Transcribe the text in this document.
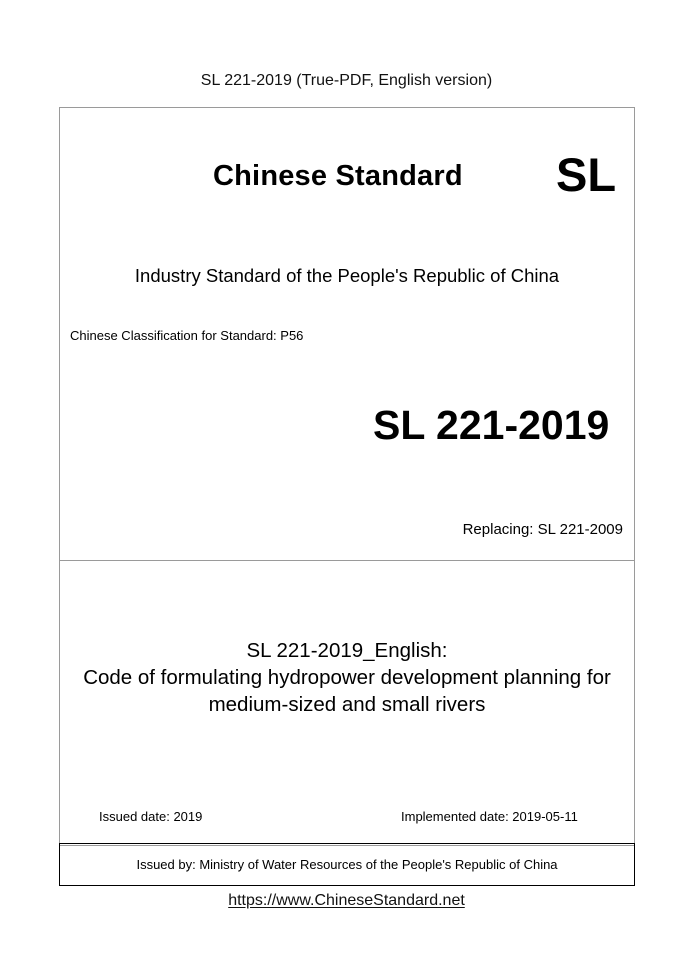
SL 221-2019 (True-PDF, English version)
Chinese Standard SL
Industry Standard of the People's Republic of China
Chinese Classification for Standard: P56
SL 221-2019
Replacing: SL 221-2009
SL 221-2019_English:
Code of formulating hydropower development planning for
medium-sized and small rivers
Issued date: 2019	Implemented date: 2019-05-11
Issued by: Ministry of Water Resources of the People's Republic of China
https://www.ChineseStandard.net
